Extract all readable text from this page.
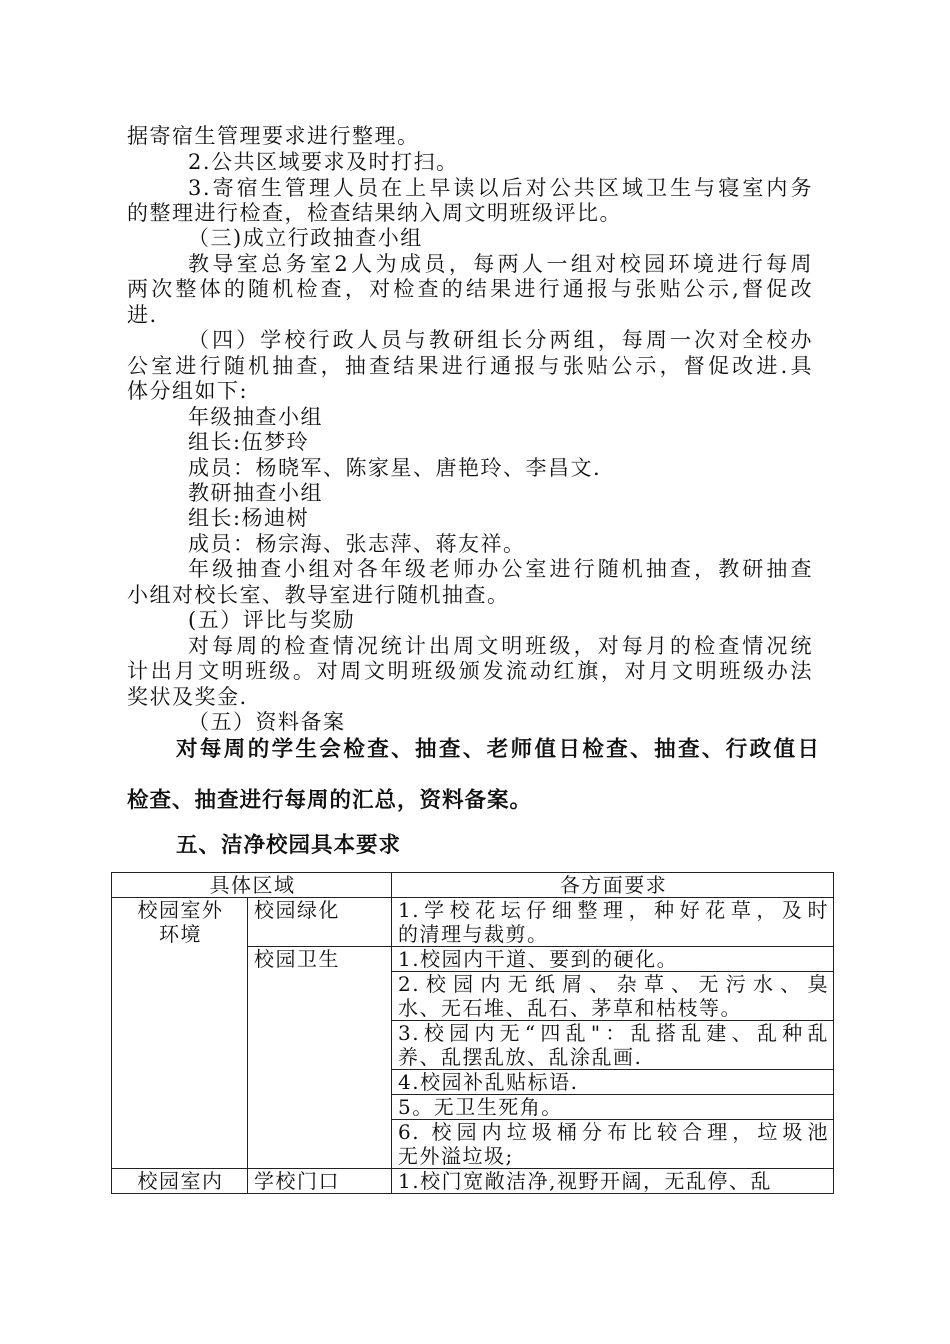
据寄宿生管理要求进行整理。
2.公共区域要求及时打扫。
3.寄宿生管理人员在上早读以后对公共区域卫生与寝室内务
的整理进行检查，检查结果纳入周文明班级评比。
（三)成立行政抽查小组
教导室总务室2人为成员，每两人一组对校园环境进行每周
两次整体的随机检查，对检查的结果进行通报与张贴公示,督促改
进.
（四）学校行政人员与教研组长分两组，每周一次对全校办
公室进行随机抽查，抽查结果进行通报与张贴公示，督促改进.具
体分组如下:
年级抽查小组
组长:伍梦玲
成员：杨晓军、陈家星、唐艳玲、李昌文.
教研抽查小组
组长:杨迪树
成员：杨宗海、张志萍、蒋友祥。
年级抽查小组对各年级老师办公室进行随机抽查，教研抽查
小组对校长室、教导室进行随机抽查。
(五）评比与奖励
对每周的检查情况统计出周文明班级，对每月的检查情况统
计出月文明班级。对周文明班级颁发流动红旗，对月文明班级办法
奖状及奖金.
（五）资料备案
对每周的学生会检查、抽查、老师值日检查、抽查、行政值日
检查、抽查进行每周的汇总，资料备案。
五、洁净校园具本要求
具体区域		各方面要求

校园室外
环境	校园绿化	1.学校花坛仔细整理，种好花草，及时
的清理与裁剪。

	校园卫生	1.校园内干道、要到的硬化。

		2.校园内无纸屑、杂草、无污水、臭
水、无石堆、乱石、茅草和枯枝等。

		3.校园内无“四乱"：乱搭乱建、乱种乱
养、乱摆乱放、乱涂乱画.

		4.校园补乱贴标语.

		5。无卫生死角。

		6. 校园内垃圾桶分布比较合理，垃圾池
无外溢垃圾;

校园室内	学校门口	1.校门宽敞洁净,视野开阔，无乱停、乱
